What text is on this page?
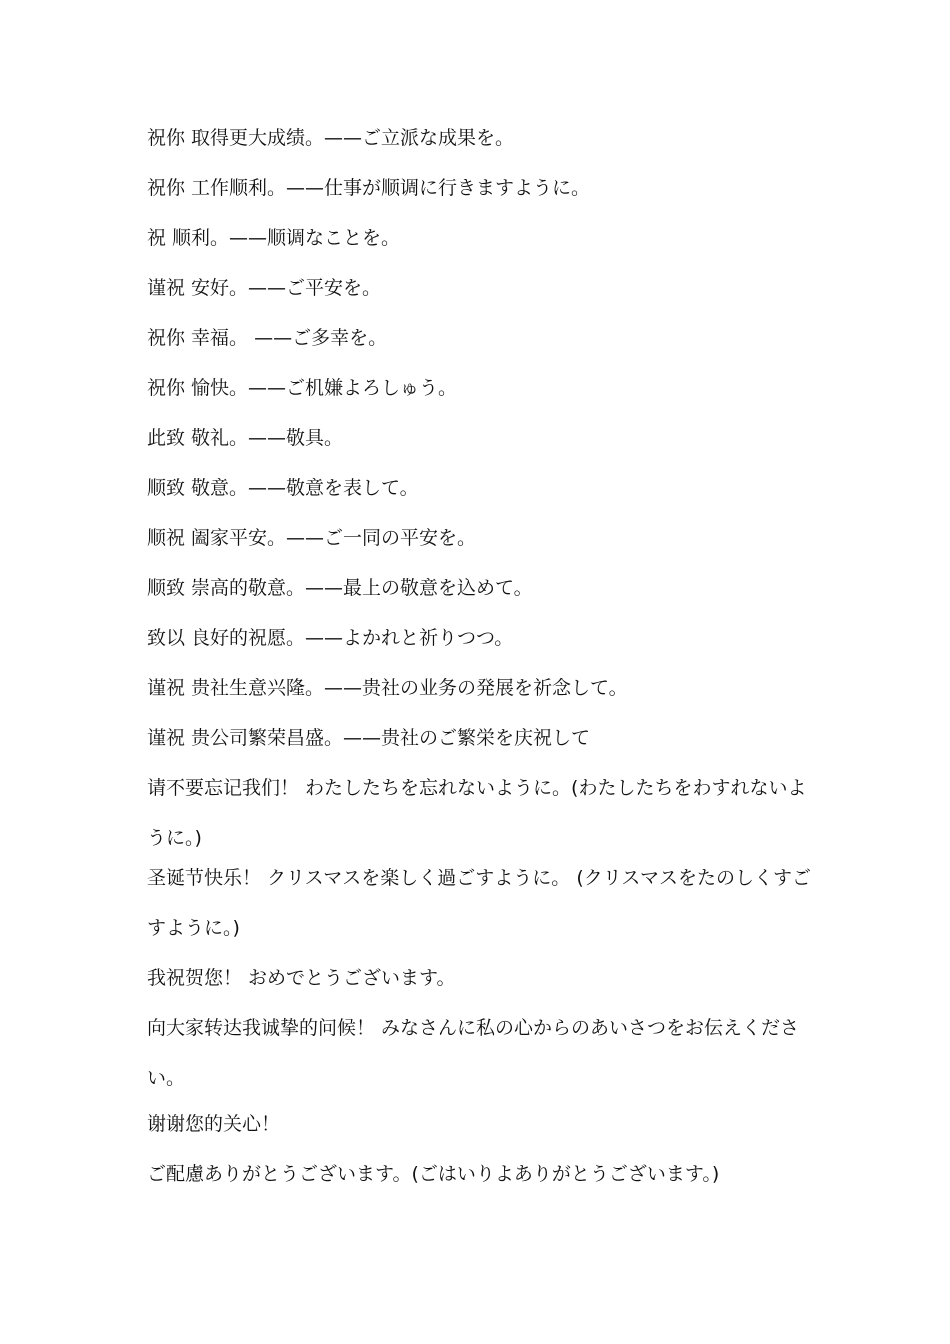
祝你 取得更大成绩。——ご立派な成果を。
祝你 工作顺利。——仕事が顺调に行きますように。
祝 顺利。——顺调なことを。
谨祝 安好。——ご平安を。
祝你 幸福。 ——ご多幸を。
祝你 愉快。——ご机嫌よろしゅう。
此致 敬礼。——敬具。
顺致 敬意。——敬意を表して。
顺祝 阖家平安。——ご一同の平安を。
顺致 崇高的敬意。——最上の敬意を込めて。
致以 良好的祝愿。——よかれと祈りつつ。
谨祝 贵社生意兴隆。——贵社の业务の発展を祈念して。
谨祝 贵公司繁荣昌盛。——贵社のご繁栄を庆祝して
请不要忘记我们！ わたしたちを忘れないように。(わたしたちをわすれないように。)
圣诞节快乐！ クリスマスを楽しく過ごすように。 (クリスマスをたのしくすごすように。)
我祝贺您！ おめでとうございます。
向大家转达我诚挚的问候！ みなさんに私の心からのあいさつをお伝えください。
谢谢您的关心！
ご配慮ありがとうございます。(ごはいりよありがとうございます。)
